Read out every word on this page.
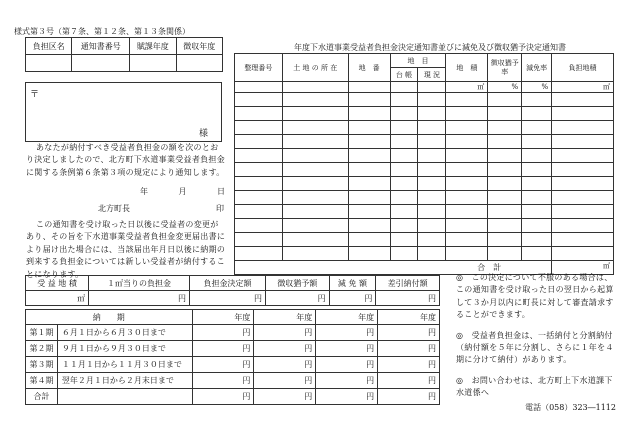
様式第３号（第７条、第１２条、第１３条関係）
負担区名	通知書番号	賦課年度	徴収年度

〒
様
あなたが納付すべき受益者負担金の額を次のとおり決定しましたので、北方町下水道事業受益者負担金に関する条例第６条第３項の規定により通知します。
年	月	日
北方町長	印
この通知書を受け取った日以後に受益者の変更があり、その旨を下水道事業受益者負担金変更届出書により届け出た場合には、当該届出年月日以後に納期の到来する負担金については新しい受益者が納付することになります。
年度下水道事業受益者負担金決定通知書並びに減免及び徴収猶予決定通知書
整理番号	土 地 の 所 在	地　番	地　目		地　積	徴収猶予率	減免率	負担地積
			台 帳	現 況				
					㎡	%	%	㎡

合　計								㎡
受 益 地 積	１㎡当りの負担金	負担金決定額	徴収猶予額	減 免 額	差引納付額
㎡	円	円	円	円	円
納　　期		年度	年度	年度	年度
第１期	６月１日から６月３０日まで	円	円	円	円
第２期	９月１日から９月３０日まで	円	円	円	円
第３期	１１月１日から１１月３０日まで	円	円	円	円
第４期	翌年２月１日から２月末日まで	円	円	円	円
合計		円	円	円	円
◎　この決定について不服のある場合は、この通知書を受け取った日の翌日から起算して３か月以内に町長に対して審査請求することができます。
◎　受益者負担金は、一括納付と分割納付（納付額を５年に分割し、さらに１年を４期に分けて納付）があります。
◎　お問い合わせは、北方町上下水道課下水道係へ
電話（058）323―1112
